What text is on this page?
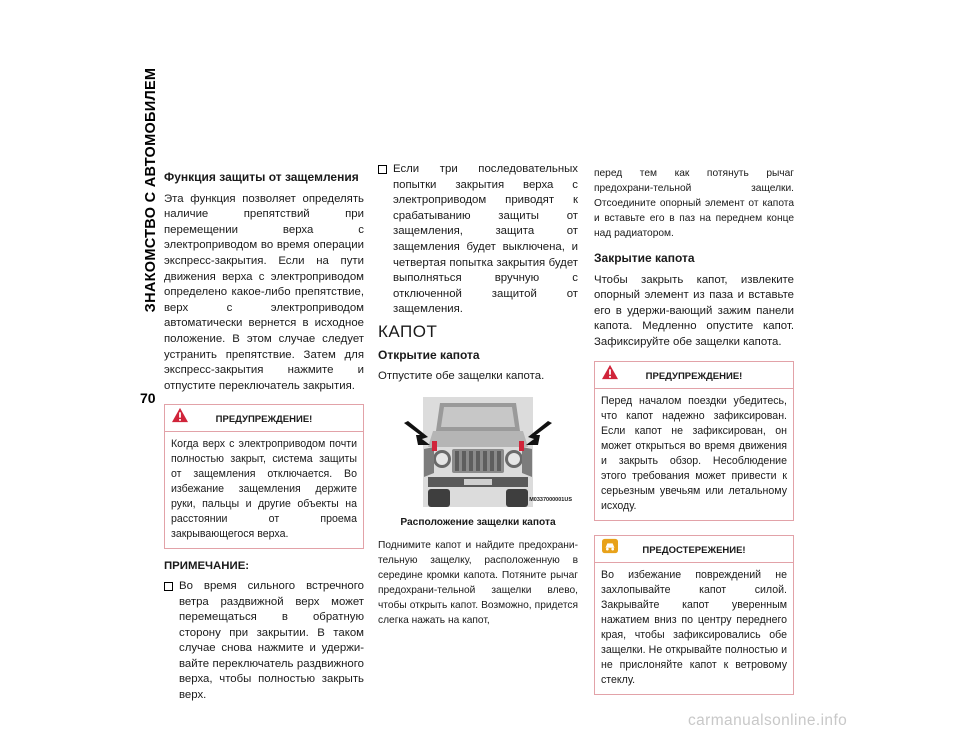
ЗНАКОМСТВО С АВТОМОБИЛЕМ
70
Функция защиты от защемления

Эта функция позволяет определять наличие препятствий при перемещении верха с электроприводом во время операции экспресс-закрытия. Если на пути движения верха с электроприводом определено какое-либо препятствие, верх с электроприводом автоматически вернется в исходное положение. В этом случае следует устранить препятствие. Затем для экспресс-закрытия нажмите и отпустите переключатель закрытия.

ПРЕДУПРЕЖДЕНИЕ!
Когда верх с электроприводом почти полностью закрыт, система защиты от защемления отключается. Во избежание защемления держите руки, пальцы и другие объекты на расстоянии от проема закрывающегося верха.
ПРИМЕЧАНИЕ:
Во время сильного встречного ветра раздвижной верх может перемещаться в обратную сторону при закрытии. В таком случае снова нажмите и удержи-вайте переключатель раздвижного верха, чтобы полностью закрыть верх.
Если три последовательных попытки закрытия верха с электроприводом приводят к срабатыванию защиты от защемления, защита от защемления будет выключена, и четвертая попытка закрытия будет выполняться вручную с отключенной защитой от защемления.
КАПОТ
Открытие капота

Отпустите обе защелки капота.

M0337000001US
Расположение защелки капота

Поднимите капот и найдите предохрани-тельную защелку, расположенную в середине кромки капота. Потяните рычаг предохрани-тельной защелки влево, чтобы открыть капот. Возможно, придется слегка нажать на капот,

перед тем как потянуть рычаг предохрани-тельной защелки. Отсоедините опорный элемент от капота и вставьте его в паз на переднем конце над радиатором.

Закрытие капота

Чтобы закрыть капот, извлеките опорный элемент из паза и вставьте его в удержи-вающий зажим панели капота. Медленно опустите капот. Зафиксируйте обе защелки капота.

ПРЕДУПРЕЖДЕНИЕ!
Перед началом поездки убедитесь, что капот надежно зафиксирован. Если капот не зафиксирован, он может открыться во время движения и закрыть обзор. Несоблюдение этого требования может привести к серьезным увечьям или летальному исходу.
ПРЕДОСТЕРЕЖЕНИЕ!
Во избежание повреждений не захлопывайте капот силой. Закрывайте капот уверенным нажатием вниз по центру переднего края, чтобы зафиксировались обе защелки. Не открывайте полностью и не прислоняйте капот к ветровому стеклу.
carmanualsonline.info
